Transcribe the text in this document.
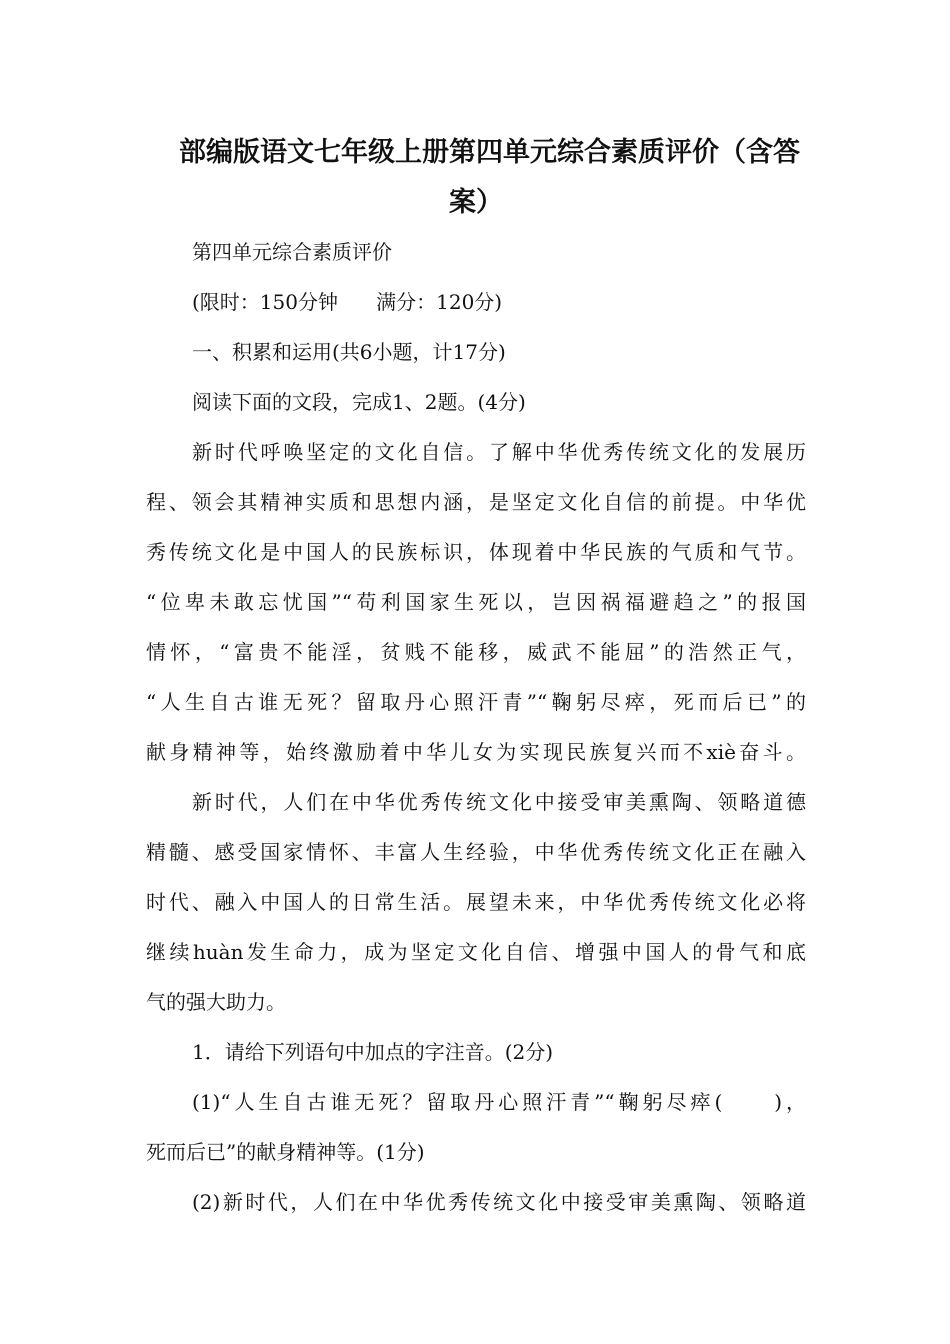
部编版语文七年级上册第四单元综合素质评价（含答
案）
第四单元综合素质评价
(限时：150分钟      满分：120分)
一、积累和运用(共6小题，计17分)
阅读下面的文段，完成1、2题。(4分)
新时代呼唤坚定的文化自信。了解中华优秀传统文化的发展历
程、领会其精神实质和思想内涵，是坚定文化自信的前提。中华优
秀传统文化是中国人的民族标识，体现着中华民族的气质和气节。
“位卑未敢忘忧国”“苟利国家生死以，岂因祸福避趋之”的报国
情怀，“富贵不能淫，贫贱不能移，威武不能屈”的浩然正气，
“人生自古谁无死？留取丹心照汗青”“鞠躬尽瘁，死而后已”的
献身精神等，始终激励着中华儿女为实现民族复兴而不xiè奋斗。
新时代，人们在中华优秀传统文化中接受审美熏陶、领略道德
精髓、感受国家情怀、丰富人生经验，中华优秀传统文化正在融入
时代、融入中国人的日常生活。展望未来，中华优秀传统文化必将
继续huàn发生命力，成为坚定文化自信、增强中国人的骨气和底
气的强大助力。
1．请给下列语句中加点的字注音。(2分)
(1)“人生自古谁无死？留取丹心照汗青”“鞠躬尽瘁(　　)，
死而后已”的献身精神等。(1分)
(2)新时代，人们在中华优秀传统文化中接受审美熏陶、领略道
